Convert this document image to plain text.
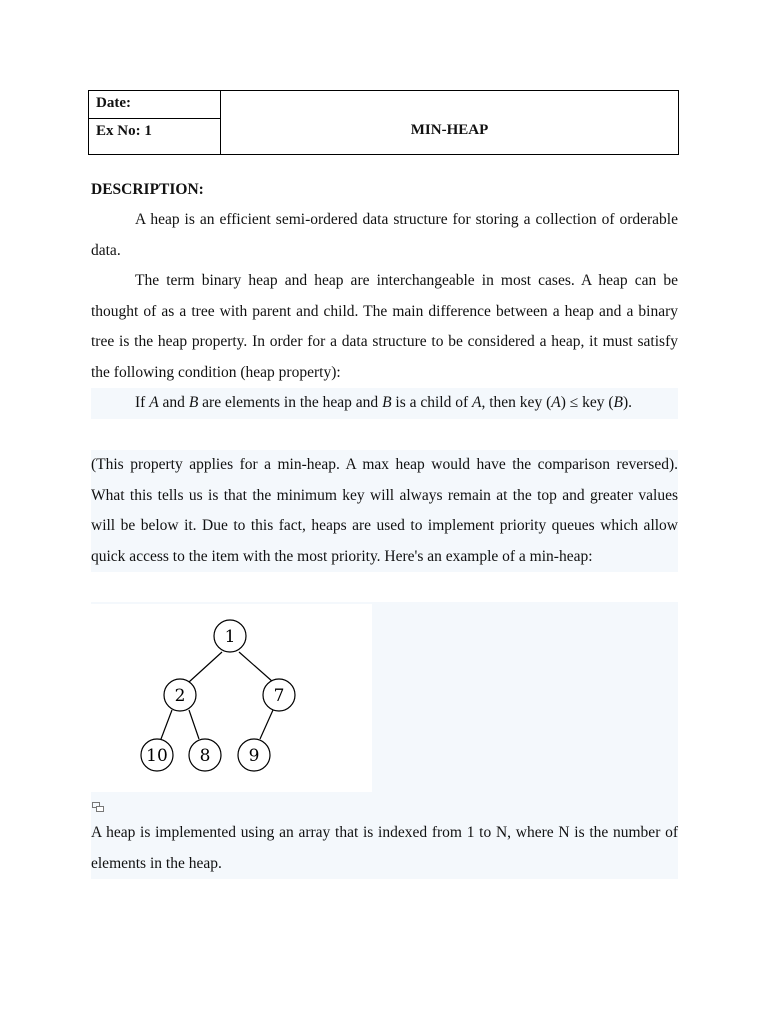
Date:
Ex No: 1	MIN-HEAP
DESCRIPTION:

A heap is an efficient semi-ordered data structure for storing a collection of orderable data.

The term binary heap and heap are interchangeable in most cases. A heap can be thought of as a tree with parent and child. The main difference between a heap and a binary tree is the heap property. In order for a data structure to be considered a heap, it must satisfy the following condition (heap property):

If A and B are elements in the heap and B is a child of A, then key (A) ≤ key (B).

(This property applies for a min-heap. A max heap would have the comparison reversed). What this tells us is that the minimum key will always remain at the top and greater values will be below it. Due to this fact, heaps are used to implement priority queues which allow quick access to the item with the most priority. Here's an example of a min-heap:

1
2	7
10 8 9

A heap is implemented using an array that is indexed from 1 to N, where N is the number of elements in the heap.
